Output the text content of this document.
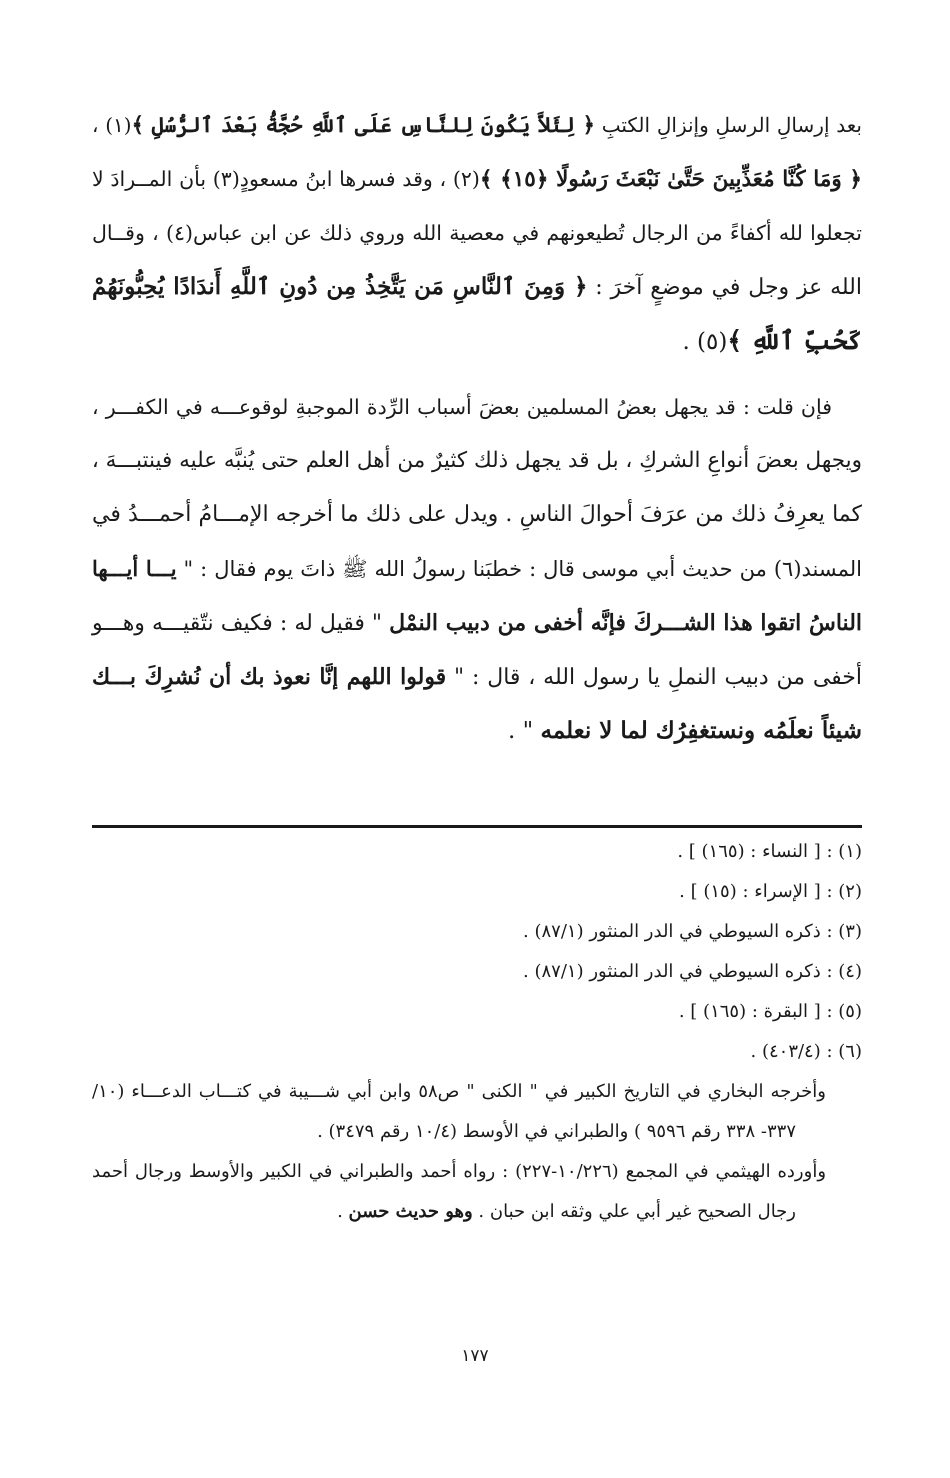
بعد إرسالِ الرسلِ وإنزالِ الكتبِ ﴿ لِئَلاَّ يَكُونَ لِلنَّاسِ عَلَى ٱللَّهِ حُجَّةُۢ بَعْدَ ٱلرُّسُلِ ﴾(١) ،
﴿ وَمَا كُنَّا مُعَذِّبِينَ حَتَّىٰ نَبْعَثَ رَسُولًا ﴿١٥﴾ ﴾(٢) ، وقد فسرها ابنُ مسعودٍ(٣) بأن المــرادَ لا
تجعلوا لله أكفاءً من الرجال تُطيعونهم في معصية الله وروي ذلك عن ابن عباس(٤) ، وقــال
الله عز وجل في موضعٍ آخرَ : ﴿ وَمِنَ ٱلنَّاسِ مَن يَتَّخِذُ مِن دُونِ ٱللَّهِ أَندَادًا يُحِبُّونَهُمْ
كَحُبِّ ٱللَّهِ ﴾(٥) .
فإن قلت : قد يجهل بعضُ المسلمين بعضَ أسباب الرِّدة الموجبةِ لوقوعـــه في الكفـــر ،
ويجهل بعضَ أنواعِ الشركِ ، بل قد يجهل ذلك كثيرٌ من أهل العلم حتى يُنبَّه عليه فينتبـــهَ ،
كما يعرِفُ ذلك من عرَفَ أحوالَ الناسِ . ويدل على ذلك ما أخرجه الإمـــامُ أحمـــدُ في
المسند(٦) من حديث أبي موسى قال : خطبَنا رسولُ الله ﷺ ذاتَ يوم فقال : " يـــا أيـــها
الناسُ اتقوا هذا الشـــركَ فإنَّه أخفى من دبيب النمْل " فقيل له : فكيف نتّقيـــه وهـــو
أخفى من دبيب النملِ يا رسول الله ، قال : " قولوا اللهم إنَّا نعوذ بك أن نُشرِكَ بـــك
شيئاً نعلَمُه ونستغفِرُك لما لا نعلمه " .
(١) : [ النساء : (١٦٥) ] .
(٢) : [ الإسراء : (١٥) ] .
(٣) : ذكره السيوطي في الدر المنثور (٨٧/١) .
(٤) : ذكره السيوطي في الدر المنثور (٨٧/١) .
(٥) : [ البقرة : (١٦٥) ] .
(٦) : (٤٠٣/٤) .
وأخرجه البخاري في التاريخ الكبير في " الكنى " ص٥٨ وابن أبي شـــيبة في كتـــاب الدعـــاء (١٠/
٣٣٧- ٣٣٨ رقم ٩٥٩٦ ) والطبراني في الأوسط (١٠/٤ رقم ٣٤٧٩) .
وأورده الهيثمي في المجمع (١٠/٢٢٦-٢٢٧) : رواه أحمد والطبراني في الكبير والأوسط ورجال أحمد
رجال الصحيح غير أبي علي وثقه ابن حبان . وهو حديث حسن .
١٧٧
